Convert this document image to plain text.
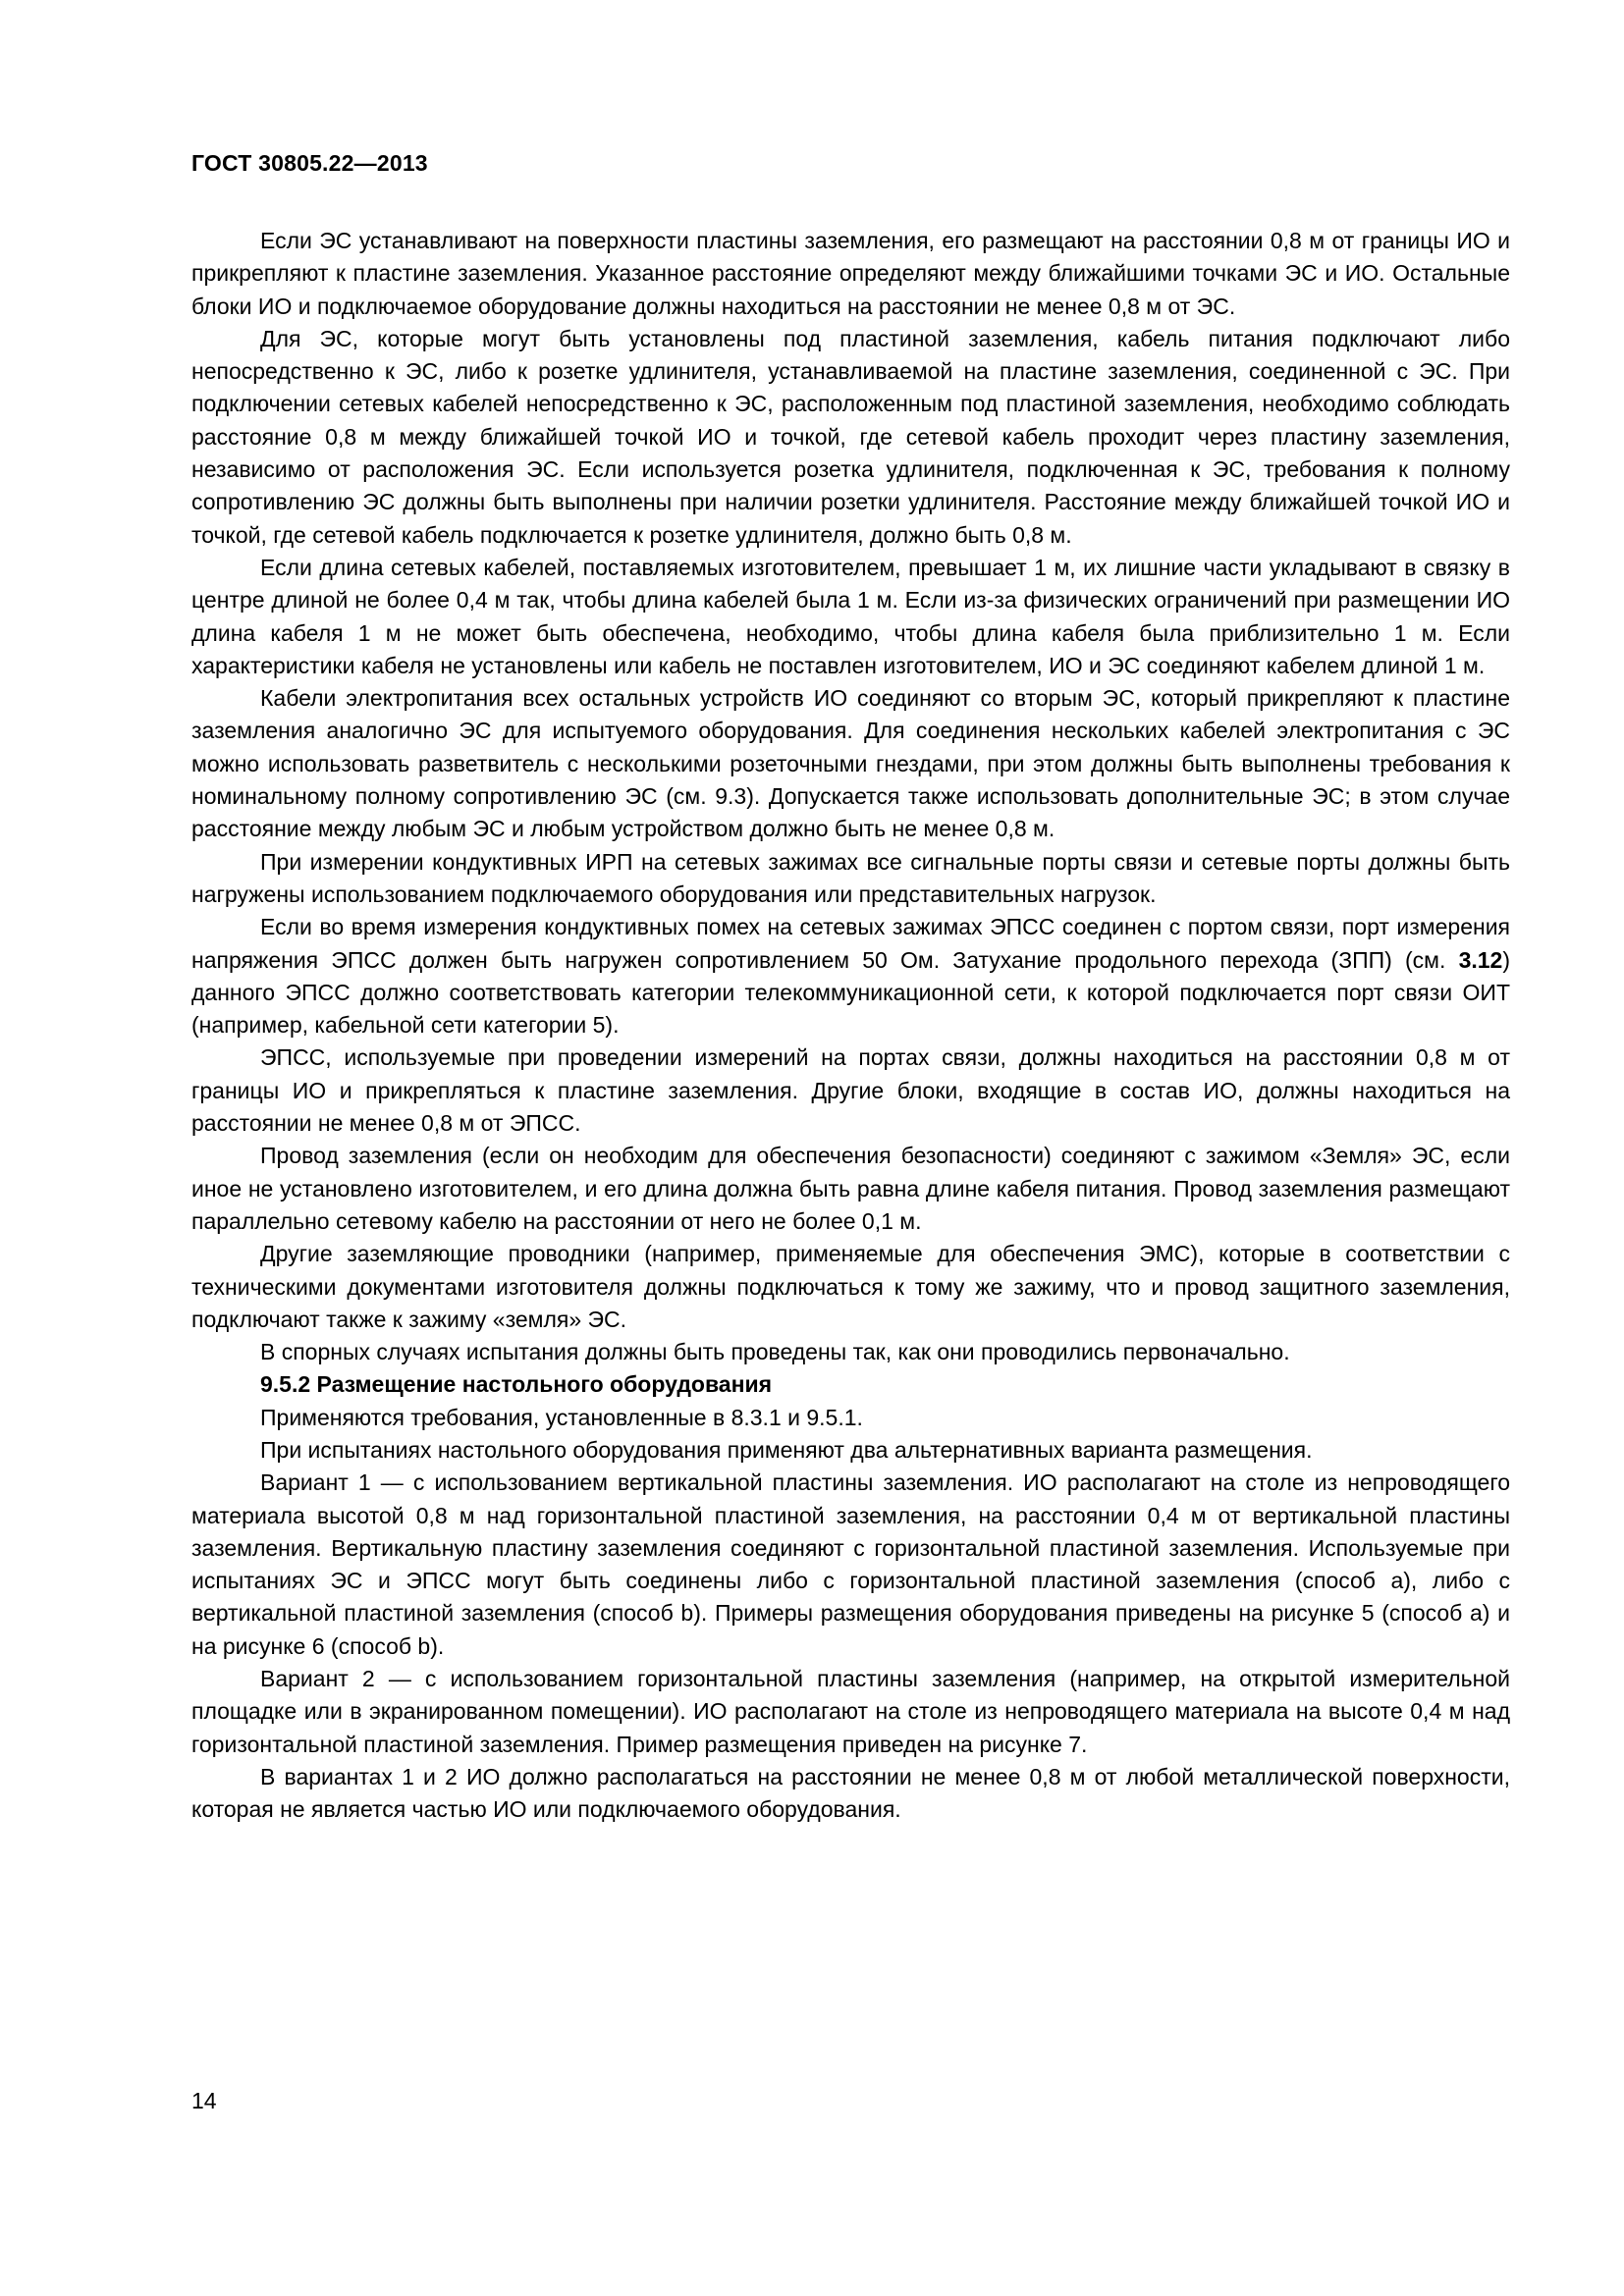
ГОСТ 30805.22—2013

Если ЭС устанавливают на поверхности пластины заземления, его размещают на расстоянии 0,8 м от границы ИО и прикрепляют к пластине заземления. Указанное расстояние определяют между ближайшими точками ЭС и ИО. Остальные блоки ИО и подключаемое оборудование должны находиться на расстоянии не менее 0,8 м от ЭС.

Для ЭС, которые могут быть установлены под пластиной заземления, кабель питания подключают либо непосредственно к ЭС, либо к розетке удлинителя, устанавливаемой на пластине заземления, соединенной с ЭС. При подключении сетевых кабелей непосредственно к ЭС, расположенным под пластиной заземления, необходимо соблюдать расстояние 0,8 м между ближайшей точкой ИО и точкой, где сетевой кабель проходит через пластину заземления, независимо от расположения ЭС. Если используется розетка удлинителя, подключенная к ЭС, требования к полному сопротивлению ЭС должны быть выполнены при наличии розетки удлинителя. Расстояние между ближайшей точкой ИО и точкой, где сетевой кабель подключается к розетке удлинителя, должно быть 0,8 м.

Если длина сетевых кабелей, поставляемых изготовителем, превышает 1 м, их лишние части укладывают в связку в центре длиной не более 0,4 м так, чтобы длина кабелей была 1 м. Если из-за физических ограничений при размещении ИО длина кабеля 1 м не может быть обеспечена, необходимо, чтобы длина кабеля была приблизительно 1 м. Если характеристики кабеля не установлены или кабель не поставлен изготовителем, ИО и ЭС соединяют кабелем длиной 1 м.

Кабели электропитания всех остальных устройств ИО соединяют со вторым ЭС, который прикрепляют к пластине заземления аналогично ЭС для испытуемого оборудования. Для соединения нескольких кабелей электропитания с ЭС можно использовать разветвитель с несколькими розеточными гнездами, при этом должны быть выполнены требования к номинальному полному сопротивлению ЭС (см. 9.3). Допускается также использовать дополнительные ЭС; в этом случае расстояние между любым ЭС и любым устройством должно быть не менее 0,8 м.

При измерении кондуктивных ИРП на сетевых зажимах все сигнальные порты связи и сетевые порты должны быть нагружены использованием подключаемого оборудования или представительных нагрузок.

Если во время измерения кондуктивных помех на сетевых зажимах ЭПСС соединен с портом связи, порт измерения напряжения ЭПСС должен быть нагружен сопротивлением 50 Ом. Затухание продольного перехода (ЗПП) (см. 3.12) данного ЭПСС должно соответствовать категории телекоммуникационной сети, к которой подключается порт связи ОИТ (например, кабельной сети категории 5).

ЭПСС, используемые при проведении измерений на портах связи, должны находиться на расстоянии 0,8 м от границы ИО и прикрепляться к пластине заземления. Другие блоки, входящие в состав ИО, должны находиться на расстоянии не менее 0,8 м от ЭПСС.

Провод заземления (если он необходим для обеспечения безопасности) соединяют с зажимом «Земля» ЭС, если иное не установлено изготовителем, и его длина должна быть равна длине кабеля питания. Провод заземления размещают параллельно сетевому кабелю на расстоянии от него не более 0,1 м.

Другие заземляющие проводники (например, применяемые для обеспечения ЭМС), которые в соответствии с техническими документами изготовителя должны подключаться к тому же зажиму, что и провод защитного заземления, подключают также к зажиму «земля» ЭС.

В спорных случаях испытания должны быть проведены так, как они проводились первоначально.

9.5.2 Размещение настольного оборудования

Применяются требования, установленные в 8.3.1 и 9.5.1.

При испытаниях настольного оборудования применяют два альтернативных варианта размещения.

Вариант 1 — с использованием вертикальной пластины заземления. ИО располагают на столе из непроводящего материала высотой 0,8 м над горизонтальной пластиной заземления, на расстоянии 0,4 м от вертикальной пластины заземления. Вертикальную пластину заземления соединяют с горизонтальной пластиной заземления. Используемые при испытаниях ЭС и ЭПСС могут быть соединены либо с горизонтальной пластиной заземления (способ а), либо с вертикальной пластиной заземления (способ b). Примеры размещения оборудования приведены на рисунке 5 (способ а) и на рисунке 6 (способ b).

Вариант 2 — с использованием горизонтальной пластины заземления (например, на открытой измерительной площадке или в экранированном помещении). ИО располагают на столе из непроводящего материала на высоте 0,4 м над горизонтальной пластиной заземления. Пример размещения приведен на рисунке 7.

В вариантах 1 и 2 ИО должно располагаться на расстоянии не менее 0,8 м от любой металлической поверхности, которая не является частью ИО или подключаемого оборудования.

14
